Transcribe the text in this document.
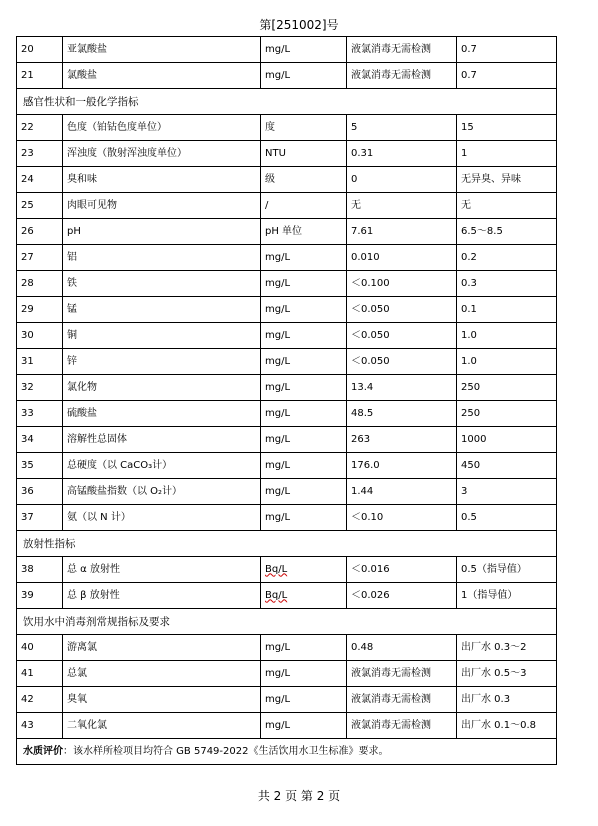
第[251002]号
20	亚氯酸盐	mg/L	液氯消毒无需检测	0.7
21	氯酸盐	mg/L	液氯消毒无需检测	0.7
感官性状和一般化学指标				
22	色度（铂钴色度单位）	度	5	15
23	浑浊度（散射浑浊度单位）	NTU	0.31	1
24	臭和味	级	0	无异臭、异味
25	肉眼可见物	/	无	无
26	pH	pH 单位	7.61	6.5～8.5
27	铝	mg/L	0.010	0.2
28	铁	mg/L	＜0.100	0.3
29	锰	mg/L	＜0.050	0.1
30	铜	mg/L	＜0.050	1.0
31	锌	mg/L	＜0.050	1.0
32	氯化物	mg/L	13.4	250
33	硫酸盐	mg/L	48.5	250
34	溶解性总固体	mg/L	263	1000
35	总硬度（以 CaCO₃计）	mg/L	176.0	450
36	高锰酸盐指数（以 O₂计）	mg/L	1.44	3
37	氨（以 N 计）	mg/L	＜0.10	0.5
放射性指标				
38	总 α 放射性	Bq/L	＜0.016	0.5（指导值）
39	总 β 放射性	Bq/L	＜0.026	1（指导值）
饮用水中消毒剂常规指标及要求				
40	游离氯	mg/L	0.48	出厂水 0.3～2
41	总氯	mg/L	液氯消毒无需检测	出厂水 0.5～3
42	臭氧	mg/L	液氯消毒无需检测	出厂水 0.3
43	二氧化氯	mg/L	液氯消毒无需检测	出厂水 0.1～0.8
水质评价：该水样所检项目均符合 GB 5749-2022《生活饮用水卫生标准》要求。				
共 2 页 第 2 页
